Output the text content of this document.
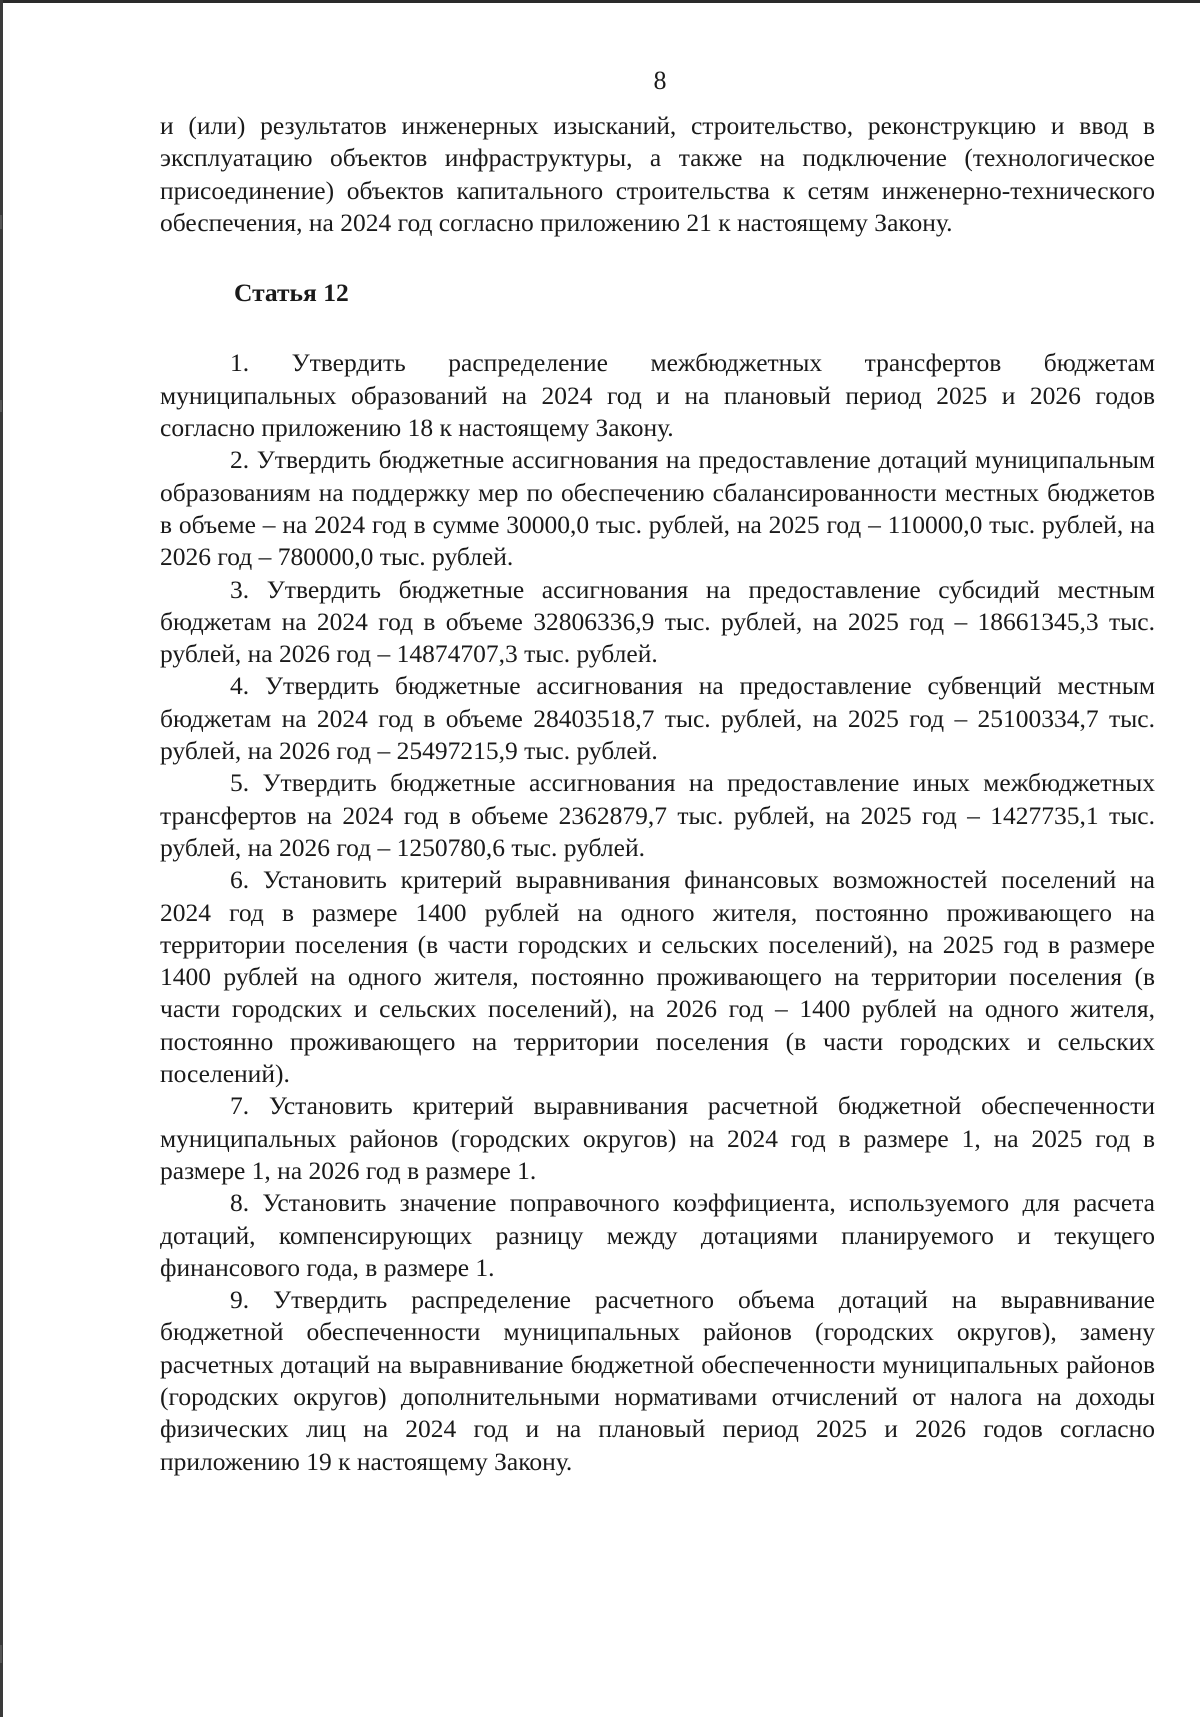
8

и (или) результатов инженерных изысканий, строительство, реконструкцию и ввод в эксплуатацию объектов инфраструктуры, а также на подключение (технологическое присоединение) объектов капитального строительства к сетям инженерно-технического обеспечения, на 2024 год согласно приложению 21 к настоящему Закону.

Статья 12

1. Утвердить распределение межбюджетных трансфертов бюджетам муниципальных образований на 2024 год и на плановый период 2025 и 2026 годов согласно приложению 18 к настоящему Закону.

2. Утвердить бюджетные ассигнования на предоставление дотаций муниципальным образованиям на поддержку мер по обеспечению сбалансированности местных бюджетов в объеме – на 2024 год в сумме 30000,0 тыс. рублей, на 2025 год – 110000,0 тыс. рублей, на 2026 год – 780000,0 тыс. рублей.

3. Утвердить бюджетные ассигнования на предоставление субсидий местным бюджетам на 2024 год в объеме 32806336,9 тыс. рублей, на 2025 год – 18661345,3 тыс. рублей, на 2026 год – 14874707,3 тыс. рублей.

4. Утвердить бюджетные ассигнования на предоставление субвенций местным бюджетам на 2024 год в объеме 28403518,7 тыс. рублей, на 2025 год – 25100334,7 тыс. рублей, на 2026 год – 25497215,9 тыс. рублей.

5. Утвердить бюджетные ассигнования на предоставление иных межбюджетных трансфертов на 2024 год в объеме 2362879,7 тыс. рублей, на 2025 год – 1427735,1 тыс. рублей, на 2026 год – 1250780,6 тыс. рублей.

6. Установить критерий выравнивания финансовых возможностей поселений на 2024 год в размере 1400 рублей на одного жителя, постоянно проживающего на территории поселения (в части городских и сельских поселений), на 2025 год в размере 1400 рублей на одного жителя, постоянно проживающего на территории поселения (в части городских и сельских поселений), на 2026 год – 1400 рублей на одного жителя, постоянно проживающего на территории поселения (в части городских и сельских поселений).

7. Установить критерий выравнивания расчетной бюджетной обеспеченности муниципальных районов (городских округов) на 2024 год в размере 1, на 2025 год в размере 1, на 2026 год в размере 1.

8. Установить значение поправочного коэффициента, используемого для расчета дотаций, компенсирующих разницу между дотациями планируемого и текущего финансового года, в размере 1.

9. Утвердить распределение расчетного объема дотаций на выравнивание бюджетной обеспеченности муниципальных районов (городских округов), замену расчетных дотаций на выравнивание бюджетной обеспеченности муниципальных районов (городских округов) дополнительными нормативами отчислений от налога на доходы физических лиц на 2024 год и на плановый период 2025 и 2026 годов согласно приложению 19 к настоящему Закону.
